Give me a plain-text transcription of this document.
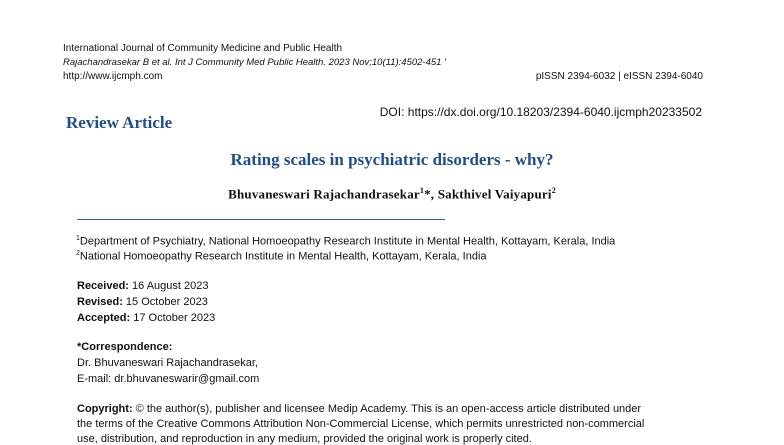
International Journal of Community Medicine and Public Health
Rajachandrasekar B et al. Int J Community Med Public Health. 2023 Nov;10(11):4502-451 '
http://www.ijcmph.com	pISSN 2394-6032 | eISSN 2394-6040
DOI: https://dx.doi.org/10.18203/2394-6040.ijcmph20233502
Review Article
Rating scales in psychiatric disorders - why?
Bhuvaneswari Rajachandrasekar$^1$*, Sakthivel Vaiyapuri$^2$
$^1$Department of Psychiatry, National Homoeopathy Research Institute in Mental Health, Kottayam, Kerala, India
$^2$National Homoeopathy Research Institute in Mental Health, Kottayam, Kerala, India
Received: 16 August 2023
Revised: 15 October 2023
Accepted: 17 October 2023
*Correspondence:
Dr. Bhuvaneswari Rajachandrasekar,
E-mail: dr.bhuvaneswarir@gmail.com
Copyright: © the author(s), publisher and licensee Medip Academy. This is an open-access article distributed under
the terms of the Creative Commons Attribution Non-Commercial License, which permits unrestricted non-commercial
use, distribution, and reproduction in any medium, provided the original work is properly cited.
